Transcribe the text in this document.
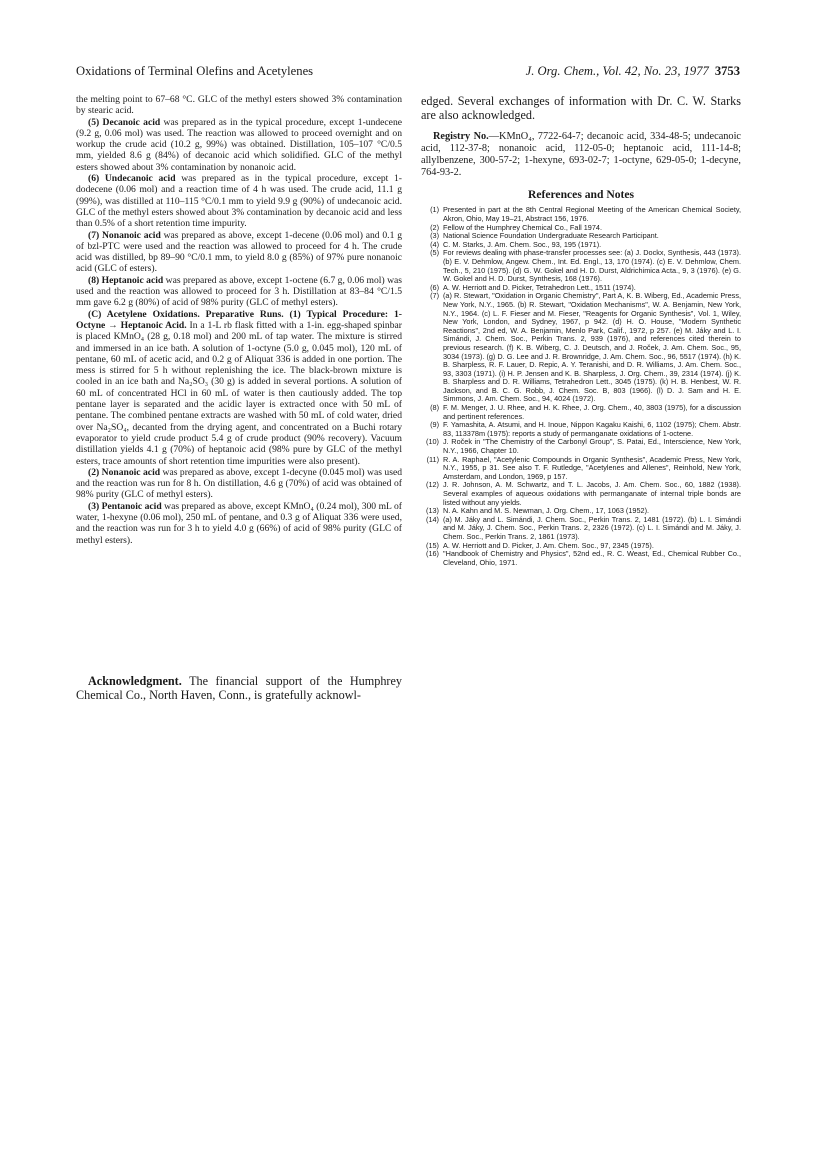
Oxidations of Terminal Olefins and Acetylenes	J. Org. Chem., Vol. 42, No. 23, 1977 3753

the melting point to 67–68 °C. GLC of the methyl esters showed 3% contamination by stearic acid.

(5) Decanoic acid was prepared as in the typical procedure, except 1-undecene (9.2 g, 0.06 mol) was used. The reaction was allowed to proceed overnight and on workup the crude acid (10.2 g, 99%) was obtained. Distillation, 105–107 °C/0.5 mm, yielded 8.6 g (84%) of decanoic acid which solidified. GLC of the methyl esters showed about 3% contamination by nonanoic acid.

(6) Undecanoic acid was prepared as in the typical procedure, except 1-dodecene (0.06 mol) and a reaction time of 4 h was used. The crude acid, 11.1 g (99%), was distilled at 110–115 °C/0.1 mm to yield 9.9 g (90%) of undecanoic acid. GLC of the methyl esters showed about 3% contamination by decanoic acid and less than 0.5% of a short retention time impurity.

(7) Nonanoic acid was prepared as above, except 1-decene (0.06 mol) and 0.1 g of bzl-PTC were used and the reaction was allowed to proceed for 4 h. The crude acid was distilled, bp 89–90 °C/0.1 mm, to yield 8.0 g (85%) of 97% pure nonanoic acid (GLC of esters).

(8) Heptanoic acid was prepared as above, except 1-octene (6.7 g, 0.06 mol) was used and the reaction was allowed to proceed for 3 h. Distillation at 83–84 °C/1.5 mm gave 6.2 g (80%) of acid of 98% purity (GLC of methyl esters).

(C) Acetylene Oxidations. Preparative Runs. (1) Typical Procedure: 1-Octyne → Heptanoic Acid. In a 1-L rb flask fitted with a 1-in. egg-shaped spinbar is placed KMnO₄ (28 g, 0.18 mol) and 200 mL of tap water. The mixture is stirred and immersed in an ice bath. A solution of 1-octyne (5.0 g, 0.045 mol), 120 mL of pentane, 60 mL of acetic acid, and 0.2 g of Aliquat 336 is added in one portion. The mess is stirred for 5 h without replenishing the ice. The black-brown mixture is cooled in an ice bath and Na₂SO₃ (30 g) is added in several portions. A solution of 60 mL of concentrated HCl in 60 mL of water is then cautiously added. The top pentane layer is separated and the acidic layer is extracted once with 50 mL of pentane. The combined pentane extracts are washed with 50 mL of cold water, dried over Na₂SO₄, decanted from the drying agent, and concentrated on a Buchi rotary evaporator to yield crude product 5.4 g of crude product (90% recovery). Vacuum distillation yields 4.1 g (70%) of heptanoic acid (98% pure by GLC of the methyl esters, trace amounts of short retention time impurities were also present).

(2) Nonanoic acid was prepared as above, except 1-decyne (0.045 mol) was used and the reaction was run for 8 h. On distillation, 4.6 g (70%) of acid was obtained of 98% purity (GLC of methyl esters).

(3) Pentanoic acid was prepared as above, except KMnO₄ (0.24 mol), 300 mL of water, 1-hexyne (0.06 mol), 250 mL of pentane, and 0.3 g of Aliquat 336 were used, and the reaction was run for 3 h to yield 4.0 g (66%) of acid of 98% purity (GLC of methyl esters).

Acknowledgment. The financial support of the Humphrey Chemical Co., North Haven, Conn., is gratefully acknowl-

edged. Several exchanges of information with Dr. C. W. Starks are also acknowledged.

Registry No.—KMnO₄, 7722-64-7; decanoic acid, 334-48-5; undecanoic acid, 112-37-8; nonanoic acid, 112-05-0; heptanoic acid, 111-14-8; allylbenzene, 300-57-2; 1-hexyne, 693-02-7; 1-octyne, 629-05-0; 1-decyne, 764-93-2.

References and Notes
(1) Presented in part at the 8th Central Regional Meeting of the American Chemical Society, Akron, Ohio, May 19–21, Abstract 156, 1976.
(2) Fellow of the Humphrey Chemical Co., Fall 1974.
(3) National Science Foundation Undergraduate Research Participant.
(4) C. M. Starks, J. Am. Chem. Soc., 93, 195 (1971).
(5) For reviews dealing with phase-transfer processes see: (a) J. Dockx, Synthesis, 443 (1973). (b) E. V. Dehmlow, Angew. Chem., Int. Ed. Engl., 13, 170 (1974). (c) E. V. Dehmlow, Chem. Tech., 5, 210 (1975). (d) G. W. Gokel and H. D. Durst, Aldrichimica Acta., 9, 3 (1976). (e) G. W. Gokel and H. D. Durst, Synthesis, 168 (1976).
(6) A. W. Herriott and D. Picker, Tetrahedron Lett., 1511 (1974).
(7) (a) R. Stewart, "Oxidation in Organic Chemistry", Part A, K. B. Wiberg, Ed., Academic Press, New York, N.Y., 1965. (b) R. Stewart, "Oxidation Mechanisms", W. A. Benjamin, New York, N.Y., 1964. (c) L. F. Fieser and M. Fieser, "Reagents for Organic Synthesis", Vol. 1, Wiley, New York, London, and Sydney, 1967, p 942. (d) H. O. House, "Modern Synthetic Reactions", 2nd ed, W. A. Benjamin, Menlo Park, Calif., 1972, p 257. (e) M. Jáky and L. I. Simándi, J. Chem. Soc., Perkin Trans. 2, 939 (1976), and references cited therein to previous research. (f) K. B. Wiberg, C. J. Deutsch, and J. Roček, J. Am. Chem. Soc., 95, 3034 (1973). (g) D. G. Lee and J. R. Brownridge, J. Am. Chem. Soc., 96, 5517 (1974). (h) K. B. Sharpless, R. F. Lauer, D. Repic, A. Y. Teranishi, and D. R. Williams, J. Am. Chem. Soc., 93, 3303 (1971). (i) H. P. Jensen and K. B. Sharpless, J. Org. Chem., 39, 2314 (1974). (j) K. B. Sharpless and D. R. Williams, Tetrahedron Lett., 3045 (1975). (k) H. B. Henbest, W. R. Jackson, and B. C. G. Robb, J. Chem. Soc. B, 803 (1966). (l) D. J. Sam and H. E. Simmons, J. Am. Chem. Soc., 94, 4024 (1972).
(8) F. M. Menger, J. U. Rhee, and H. K. Rhee, J. Org. Chem., 40, 3803 (1975), for a discussion and pertinent references.
(9) F. Yamashita, A. Atsumi, and H. Inoue, Nippon Kagaku Kaishi, 6, 1102 (1975); Chem. Abstr. 83, 113378m (1975): reports a study of permanganate oxidations of 1-octene.
(10) J. Roček in "The Chemistry of the Carbonyl Group", S. Patai, Ed., Interscience, New York, N.Y., 1966, Chapter 10.
(11) R. A. Raphael, "Acetylenic Compounds in Organic Synthesis", Academic Press, New York, N.Y., 1955, p 31. See also T. F. Rutledge, "Acetylenes and Allenes", Reinhold, New York, Amsterdam, and London, 1969, p 157.
(12) J. R. Johnson, A. M. Schwartz, and T. L. Jacobs, J. Am. Chem. Soc., 60, 1882 (1938). Several examples of aqueous oxidations with permanganate of internal triple bonds are listed without any yields.
(13) N. A. Kahn and M. S. Newman, J. Org. Chem., 17, 1063 (1952).
(14) (a) M. Jáky and L. Simándi, J. Chem. Soc., Perkin Trans. 2, 1481 (1972). (b) L. I. Simándi and M. Jáky, J. Chem. Soc., Perkin Trans. 2, 2326 (1972). (c) L. I. Simándi and M. Jáky, J. Chem. Soc., Perkin Trans. 2, 1861 (1973).
(15) A. W. Herriott and D. Picker, J. Am. Chem. Soc., 97, 2345 (1975).
(16) "Handbook of Chemistry and Physics", 52nd ed., R. C. Weast, Ed., Chemical Rubber Co., Cleveland, Ohio, 1971.
